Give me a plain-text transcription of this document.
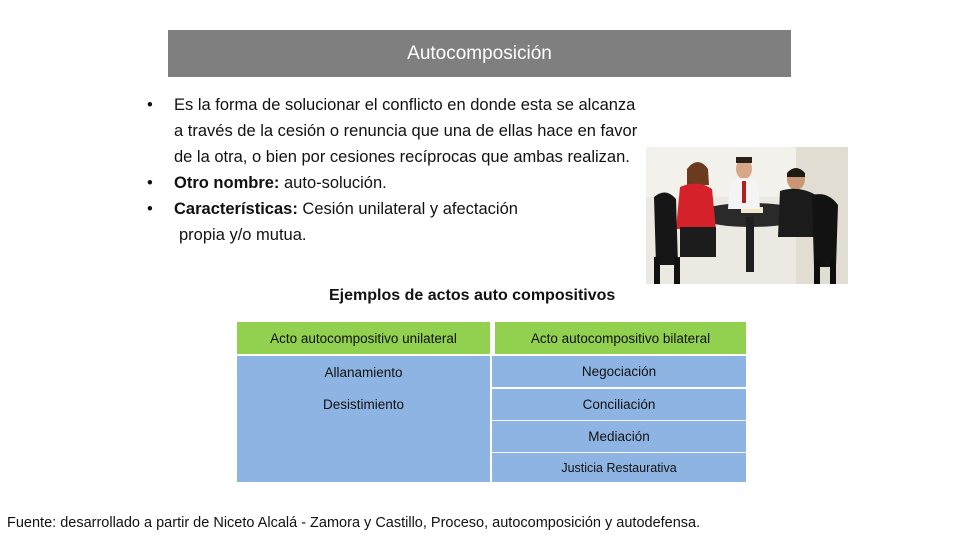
Autocomposición
• Es la forma de solucionar el conflicto en donde esta se alcanza a través de la cesión o renuncia que una de ellas hace en favor de la otra, o bien por cesiones recíprocas que ambas realizan.
• Otro nombre: auto-solución.
• Características: Cesión unilateral y afectación
propia y/o mutua.
Ejemplos de actos auto compositivos
Acto autocompositivo unilateral	Acto autocompositivo bilateral
Allanamiento
Desistimiento
Negociación
Conciliación
Mediación
Justicia Restaurativa
Fuente: desarrollado a partir de Niceto Alcalá - Zamora y Castillo, Proceso, autocomposición y autodefensa.
